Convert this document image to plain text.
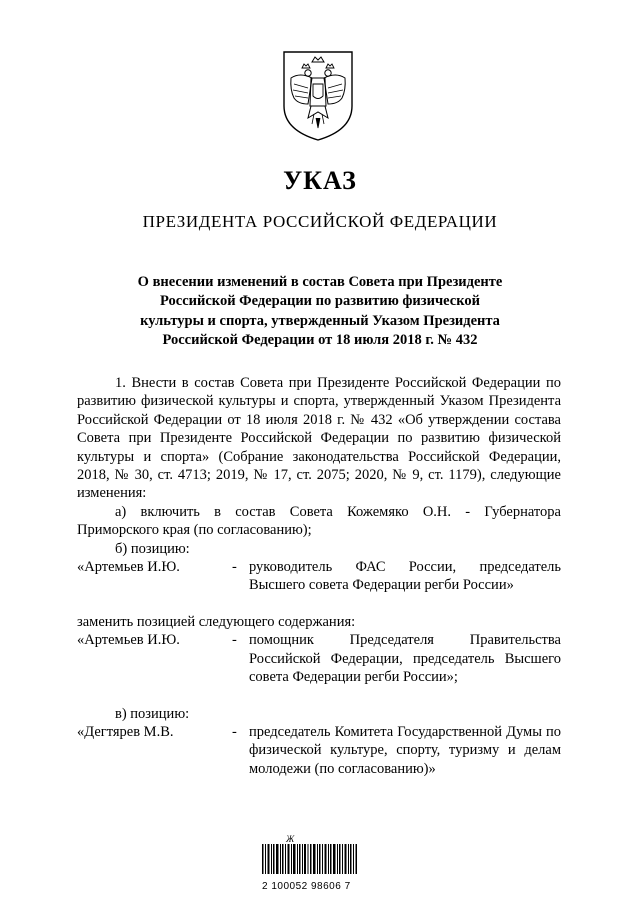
УКАЗ
ПРЕЗИДЕНТА РОССИЙСКОЙ ФЕДЕРАЦИИ
О внесении изменений в состав Совета при Президенте
Российской Федерации по развитию физической
культуры и спорта, утвержденный Указом Президента
Российской Федерации от 18 июля 2018 г. № 432

1. Внести в состав Совета при Президенте Российской Федерации по развитию физической культуры и спорта, утвержденный Указом Президента Российской Федерации от 18 июля 2018 г. № 432 «Об утверждении состава Совета при Президенте Российской Федерации по развитию физической культуры и спорта» (Собрание законодательства Российской Федерации, 2018, № 30, ст. 4713; 2019, № 17, ст. 2075; 2020, № 9, ст. 1179), следующие изменения:

а) включить в состав Совета Кожемяко О.Н. - Губернатора Приморского края (по согласованию);

б) позицию:

«Артемьев И.Ю.	- руководитель ФАС России, председатель Высшего совета Федерации регби России»

заменить позицией следующего содержания:

«Артемьев И.Ю.	- помощник Председателя Правительства Российской Федерации, председатель Высшего совета Федерации регби России»;

в) позицию:

«Дегтярев М.В.	- председатель Комитета Государственной Думы по физической культуре, спорту, туризму и делам молодежи (по согласованию)»
Ж
2 100052 98606 7
